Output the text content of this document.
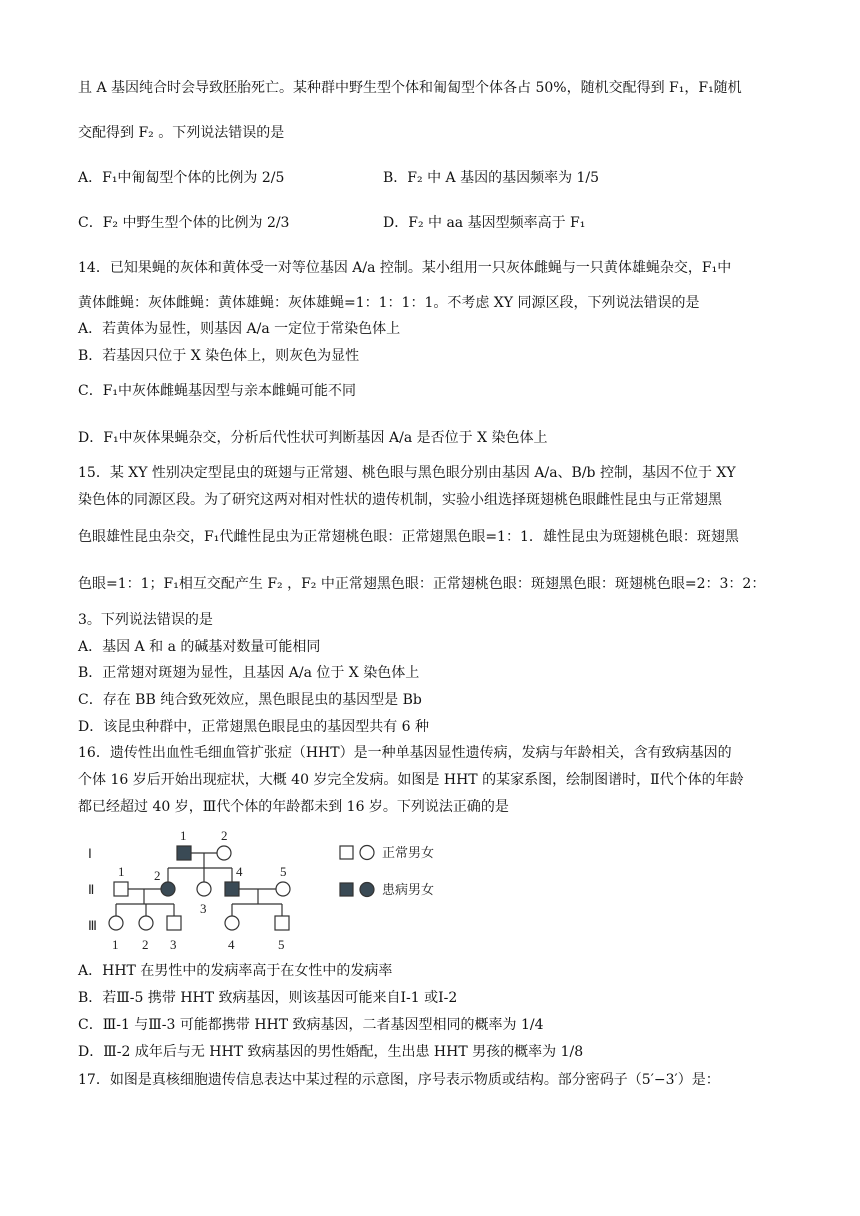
且 A 基因纯合时会导致胚胎死亡。某种群中野生型个体和匍匐型个体各占 50%，随机交配得到 F₁，F₁随机
交配得到 F₂ 。下列说法错误的是
A．F₁中匍匐型个体的比例为 2/5	B．F₂ 中 A 基因的基因频率为 1/5
C．F₂ 中野生型个体的比例为 2/3	D．F₂ 中 aa 基因型频率高于 F₁
14．已知果蝇的灰体和黄体受一对等位基因 A/a 控制。某小组用一只灰体雌蝇与一只黄体雄蝇杂交，F₁中
黄体雌蝇：灰体雌蝇：黄体雄蝇：灰体雄蝇=1：1：1：1。不考虑 XY 同源区段，下列说法错误的是
A．若黄体为显性，则基因 A/a 一定位于常染色体上
B．若基因只位于 X 染色体上，则灰色为显性
C．F₁中灰体雌蝇基因型与亲本雌蝇可能不同
D．F₁中灰体果蝇杂交，分析后代性状可判断基因 A/a 是否位于 X 染色体上
15．某 XY 性别决定型昆虫的斑翅与正常翅、桃色眼与黑色眼分别由基因 A/a、B/b 控制，基因不位于 XY
染色体的同源区段。为了研究这两对相对性状的遗传机制，实验小组选择斑翅桃色眼雌性昆虫与正常翅黑
色眼雄性昆虫杂交，F₁代雌性昆虫为正常翅桃色眼：正常翅黑色眼=1：1．雄性昆虫为斑翅桃色眼：斑翅黑
色眼=1：1；F₁相互交配产生 F₂ ，F₂ 中正常翅黑色眼：正常翅桃色眼：斑翅黑色眼：斑翅桃色眼=2：3：2：
3。下列说法错误的是
A．基因 A 和 a 的碱基对数量可能相同
B．正常翅对斑翅为显性，且基因 A/a 位于 X 染色体上
C．存在 BB 纯合致死效应，黑色眼昆虫的基因型是 Bb
D．该昆虫种群中，正常翅黑色眼昆虫的基因型共有 6 种
16．遗传性出血性毛细血管扩张症（HHT）是一种单基因显性遗传病，发病与年龄相关，含有致病基因的
个体 16 岁后开始出现症状，大概 40 岁完全发病。如图是 HHT 的某家系图，绘制图谱时，Ⅱ代个体的年龄
都已经超过 40 岁，Ⅲ代个体的年龄都未到 16 岁。下列说法正确的是
Ⅰ
Ⅱ
Ⅲ
1	2
1 2
3
4	5
1 2 3	4	5
正常男女
患病男女
A．HHT 在男性中的发病率高于在女性中的发病率
B．若Ⅲ-5 携带 HHT 致病基因，则该基因可能来自Ⅰ-1 或Ⅰ-2
C．Ⅲ-1 与Ⅲ-3 可能都携带 HHT 致病基因，二者基因型相同的概率为 1/4
D．Ⅲ-2 成年后与无 HHT 致病基因的男性婚配，生出患 HHT 男孩的概率为 1/8
17．如图是真核细胞遗传信息表达中某过程的示意图，序号表示物质或结构。部分密码子（5′−3′）是：
